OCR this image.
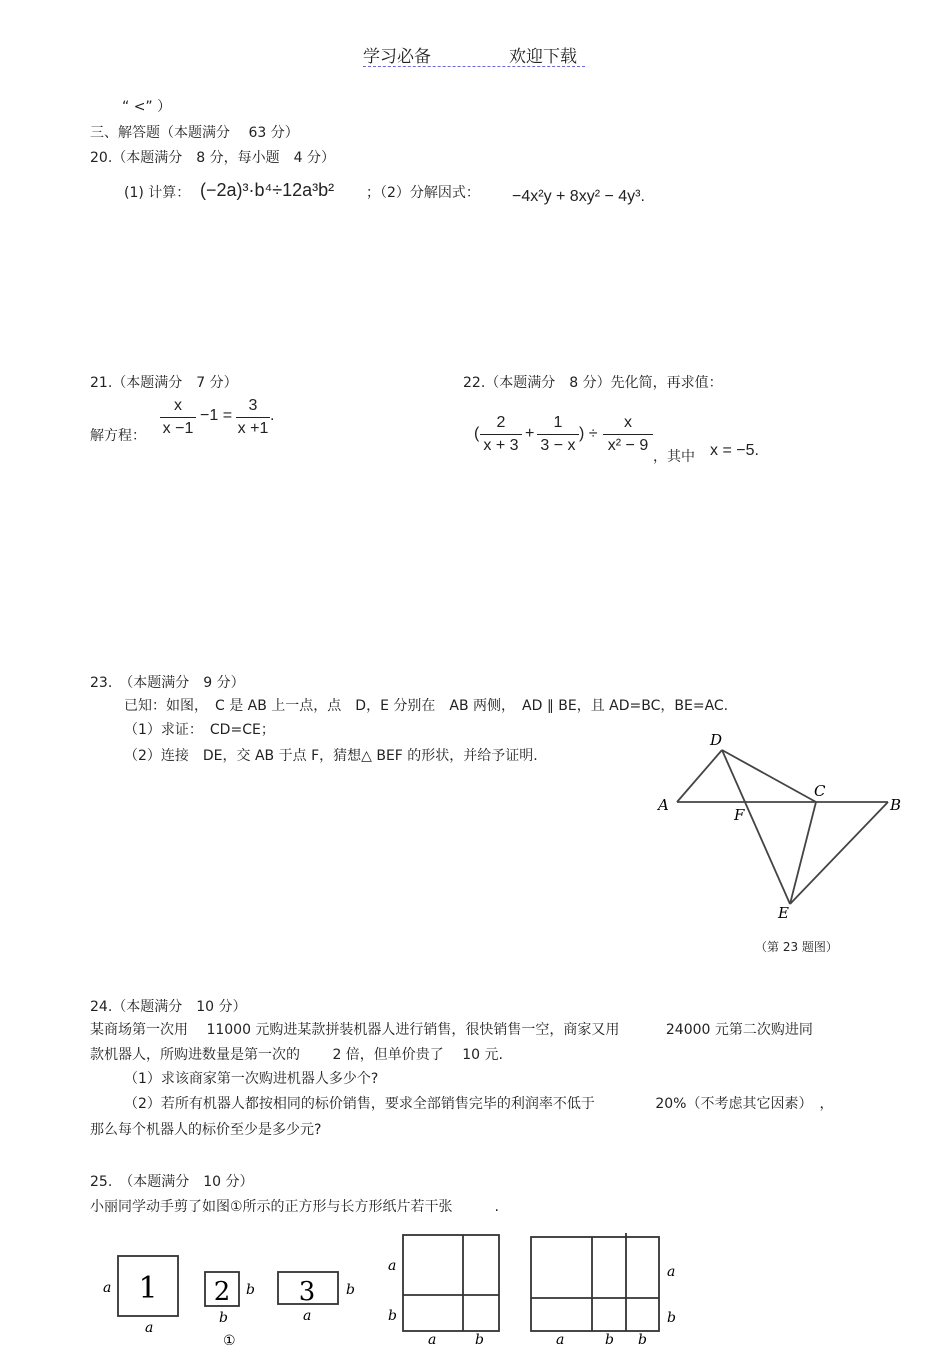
学习必备	欢迎下载
“ <” ）
三、解答题（本题满分　 63 分）
20.（本题满分　8 分，每小题　4 分）
(1) 计算： (−2a)³·b⁴÷12a³b² ；（2）分解因式： −4x²y + 8xy² − 4y³.
21.（本题满分　7 分）
解方程：
x
x −1
−1 =
3
x +1
.
22.（本题满分　8 分）先化简，再求值：
(
2
x + 3
+
1
3 − x
) ÷
x
x² − 9
，其中 x = −5.
23.　（本题满分　9 分）
已知：如图，　C 是 AB 上一点，点　D，E 分别在　AB 两侧，　AD ∥ BE，且 AD=BC，BE=AC.
（1）求证：　CD=CE；
（2）连接　DE，交 AB 于点 F，猜想△ BEF 的形状，并给予证明.
D
C
A	B
F
E
（第 23 题图）
24.（本题满分　10 分）
某商场第一次用　 11000 元购进某款拼装机器人进行销售，很快销售一空，商家又用　　　 24000 元第二次购进同
款机器人，所购进数量是第一次的　　 2 倍，但单价贵了　 10 元.
（1）求该商家第一次购进机器人多少个?
（2）若所有机器人都按相同的标价销售，要求全部销售完毕的利润率不低于　　　　 20%（不考虑其它因素）　，
那么每个机器人的标价至少是多少元?
25.　（本题满分　10 分）
小丽同学动手剪了如图①所示的正方形与长方形纸片若干张　　　.
1
a
a
2 b
b
3 b
a
①
a
b
a	b
a
b
a	b b
